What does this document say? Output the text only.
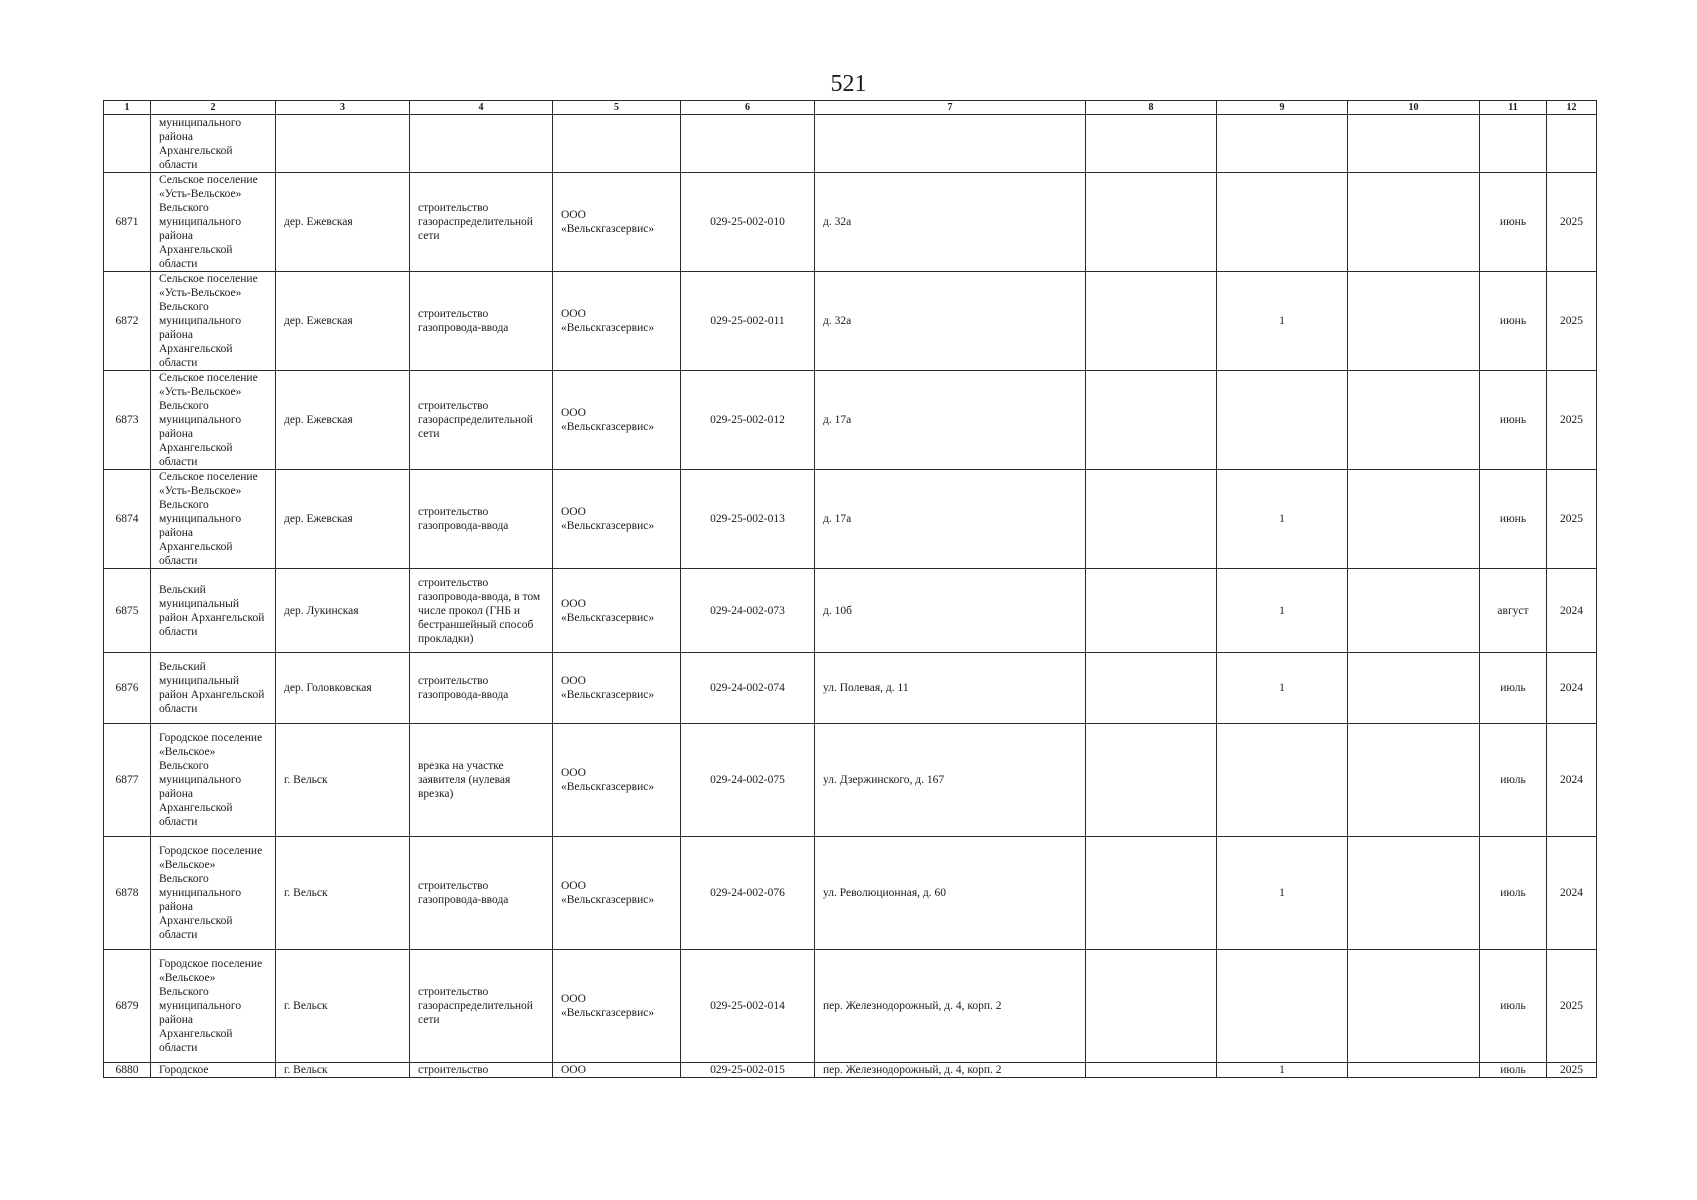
521
1	2	3	4	5	6	7	8	9	10	11	12
	муниципального района Архангельской области										
6871	Сельское поселение «Усть-Вельское» Вельского муниципального района Архангельской области	дер. Ежевская	строительство газораспределительной сети	ООО «Вельскгазсервис»	029-25-002-010	д. 32а				июнь	2025
6872	Сельское поселение «Усть-Вельское» Вельского муниципального района Архангельской области	дер. Ежевская	строительство газопровода-ввода	ООО «Вельскгазсервис»	029-25-002-011	д. 32а		1		июнь	2025
6873	Сельское поселение «Усть-Вельское» Вельского муниципального района Архангельской области	дер. Ежевская	строительство газораспределительной сети	ООО «Вельскгазсервис»	029-25-002-012	д. 17а				июнь	2025
6874	Сельское поселение «Усть-Вельское» Вельского муниципального района Архангельской области	дер. Ежевская	строительство газопровода-ввода	ООО «Вельскгазсервис»	029-25-002-013	д. 17а		1		июнь	2025
6875	Вельский муниципальный район Архангельской области	дер. Лукинская	строительство газопровода-ввода, в том числе прокол (ГНБ и бестраншейный способ прокладки)	ООО «Вельскгазсервис»	029-24-002-073	д. 10б		1		август	2024
6876	Вельский муниципальный район Архангельской области	дер. Головковская	строительство газопровода-ввода	ООО «Вельскгазсервис»	029-24-002-074	ул. Полевая, д. 11		1		июль	2024
6877	Городское поселение «Вельское» Вельского муниципального района Архангельской области	г. Вельск	врезка на участке заявителя (нулевая врезка)	ООО «Вельскгазсервис»	029-24-002-075	ул. Дзержинского, д. 167				июль	2024
6878	Городское поселение «Вельское» Вельского муниципального района Архангельской области	г. Вельск	строительство газопровода-ввода	ООО «Вельскгазсервис»	029-24-002-076	ул. Революционная, д. 60		1		июль	2024
6879	Городское поселение «Вельское» Вельского муниципального района Архангельской области	г. Вельск	строительство газораспределительной сети	ООО «Вельскгазсервис»	029-25-002-014	пер. Железнодорожный, д. 4, корп. 2				июль	2025
6880	Городское	г. Вельск	строительство	ООО	029-25-002-015	пер. Железнодорожный, д. 4, корп. 2		1		июль	2025
